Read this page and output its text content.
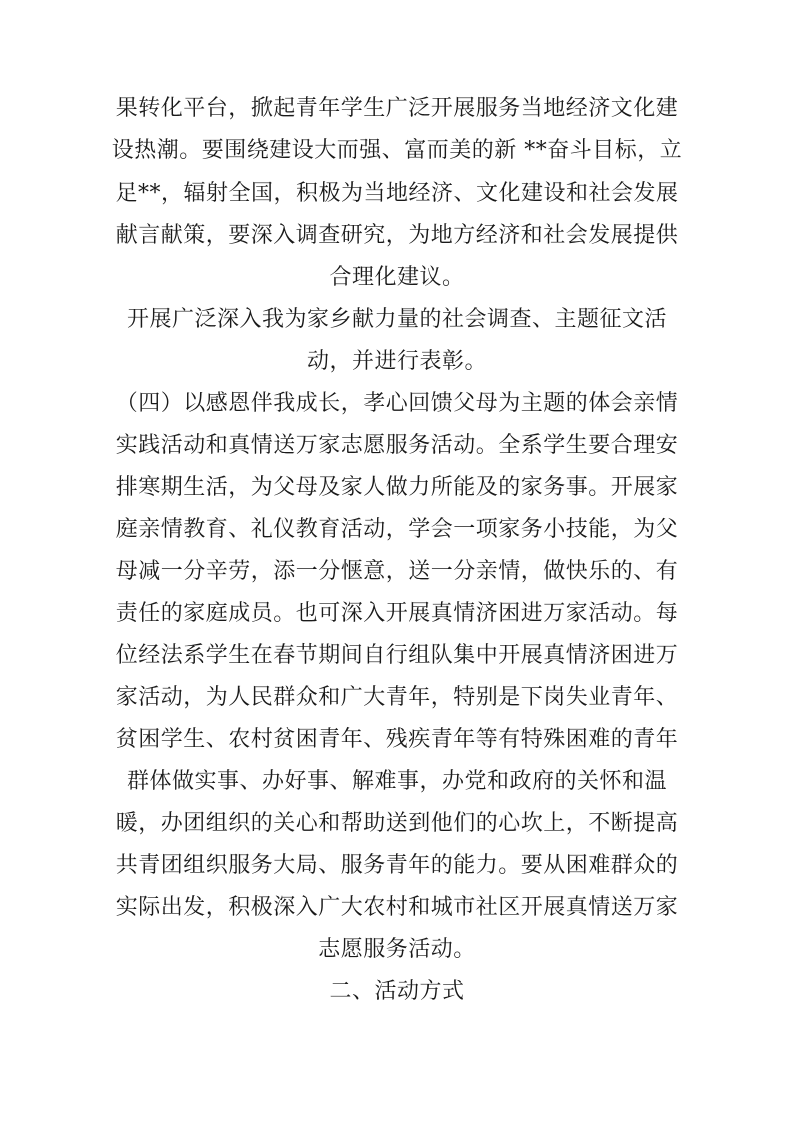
果转化平台，掀起青年学生广泛开展服务当地经济文化建
设热潮。要围绕建设大而强、富而美的新 **奋斗目标，立
足**，辐射全国，积极为当地经济、文化建设和社会发展
献言献策，要深入调查研究，为地方经济和社会发展提供
合理化建议。
开展广泛深入我为家乡献力量的社会调查、主题征文活
动，并进行表彰。
（四）以感恩伴我成长，孝心回馈父母为主题的体会亲情
实践活动和真情送万家志愿服务活动。全系学生要合理安
排寒期生活，为父母及家人做力所能及的家务事。开展家
庭亲情教育、礼仪教育活动，学会一项家务小技能，为父
母减一分辛劳，添一分惬意，送一分亲情，做快乐的、有
责任的家庭成员。也可深入开展真情济困进万家活动。每
位经法系学生在春节期间自行组队集中开展真情济困进万
家活动，为人民群众和广大青年，特别是下岗失业青年、
贫困学生、农村贫困青年、残疾青年等有特殊困难的青年
群体做实事、办好事、解难事，办党和政府的关怀和温
暖，办团组织的关心和帮助送到他们的心坎上，不断提高
共青团组织服务大局、服务青年的能力。要从困难群众的
实际出发，积极深入广大农村和城市社区开展真情送万家
志愿服务活动。
二、活动方式
